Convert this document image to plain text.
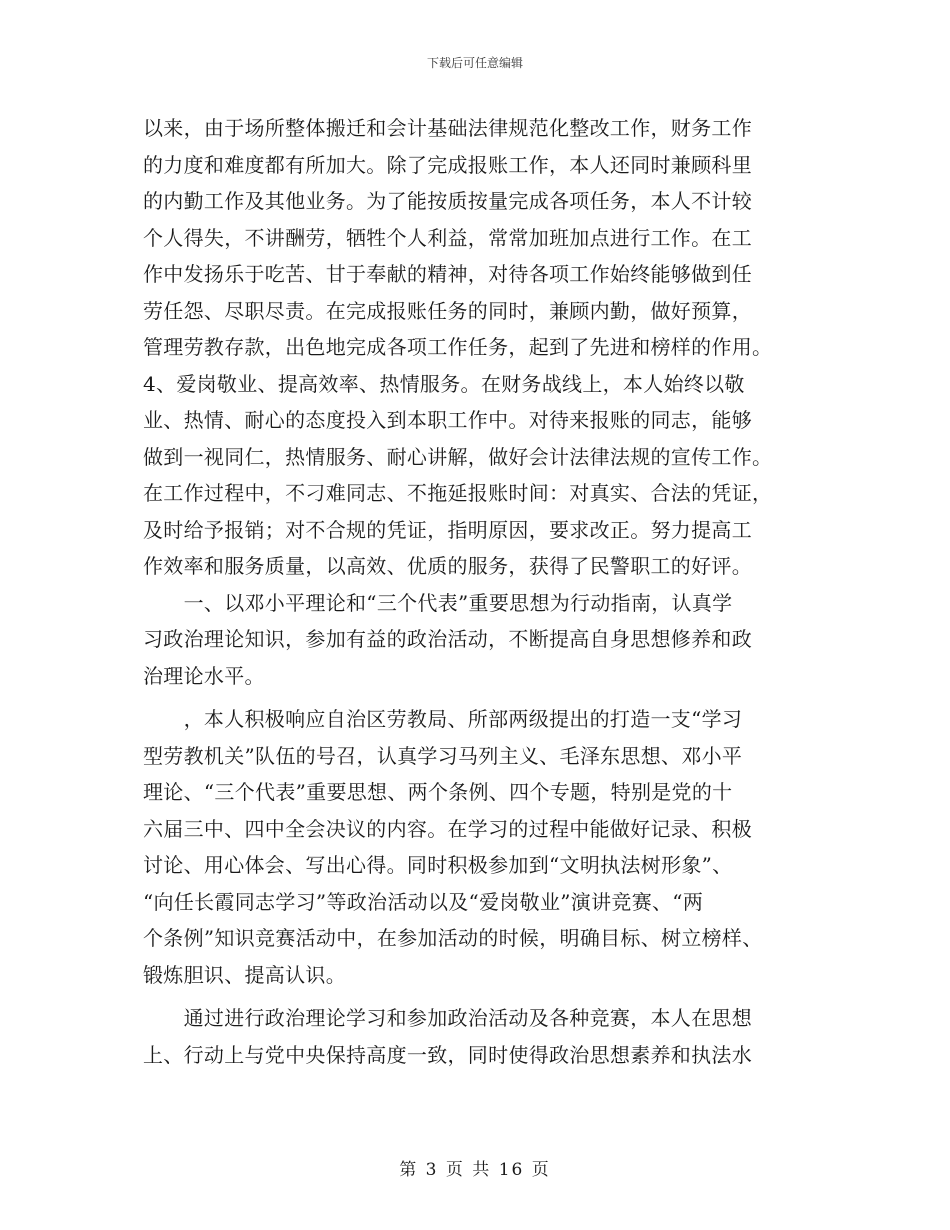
下载后可任意编辑

以来，由于场所整体搬迁和会计基础法律规范化整改工作，财务工作
的力度和难度都有所加大。除了完成报账工作，本人还同时兼顾科里
的内勤工作及其他业务。为了能按质按量完成各项任务，本人不计较
个人得失，不讲酬劳，牺牲个人利益，常常加班加点进行工作。在工
作中发扬乐于吃苦、甘于奉献的精神，对待各项工作始终能够做到任
劳任怨、尽职尽责。在完成报账任务的同时，兼顾内勤，做好预算，
管理劳教存款，出色地完成各项工作任务，起到了先进和榜样的作用。
4、爱岗敬业、提高效率、热情服务。在财务战线上，本人始终以敬
业、热情、耐心的态度投入到本职工作中。对待来报账的同志，能够
做到一视同仁，热情服务、耐心讲解，做好会计法律法规的宣传工作。
在工作过程中，不刁难同志、不拖延报账时间：对真实、合法的凭证，
及时给予报销；对不合规的凭证，指明原因，要求改正。努力提高工
作效率和服务质量，以高效、优质的服务，获得了民警职工的好评。
　　一、以邓小平理论和“三个代表”重要思想为行动指南，认真学
习政治理论知识，参加有益的政治活动，不断提高自身思想修养和政
治理论水平。

　　，本人积极响应自治区劳教局、所部两级提出的打造一支“学习
型劳教机关”队伍的号召，认真学习马列主义、毛泽东思想、邓小平
理论、“三个代表”重要思想、两个条例、四个专题，特别是党的十
六届三中、四中全会决议的内容。在学习的过程中能做好记录、积极
讨论、用心体会、写出心得。同时积极参加到“文明执法树形象”、
“向任长霞同志学习”等政治活动以及“爱岗敬业”演讲竞赛、“两
个条例”知识竞赛活动中，在参加活动的时候，明确目标、树立榜样、
锻炼胆识、提高认识。

　　通过进行政治理论学习和参加政治活动及各种竞赛，本人在思想
上、行动上与党中央保持高度一致，同时使得政治思想素养和执法水

第 3 页 共 16 页
